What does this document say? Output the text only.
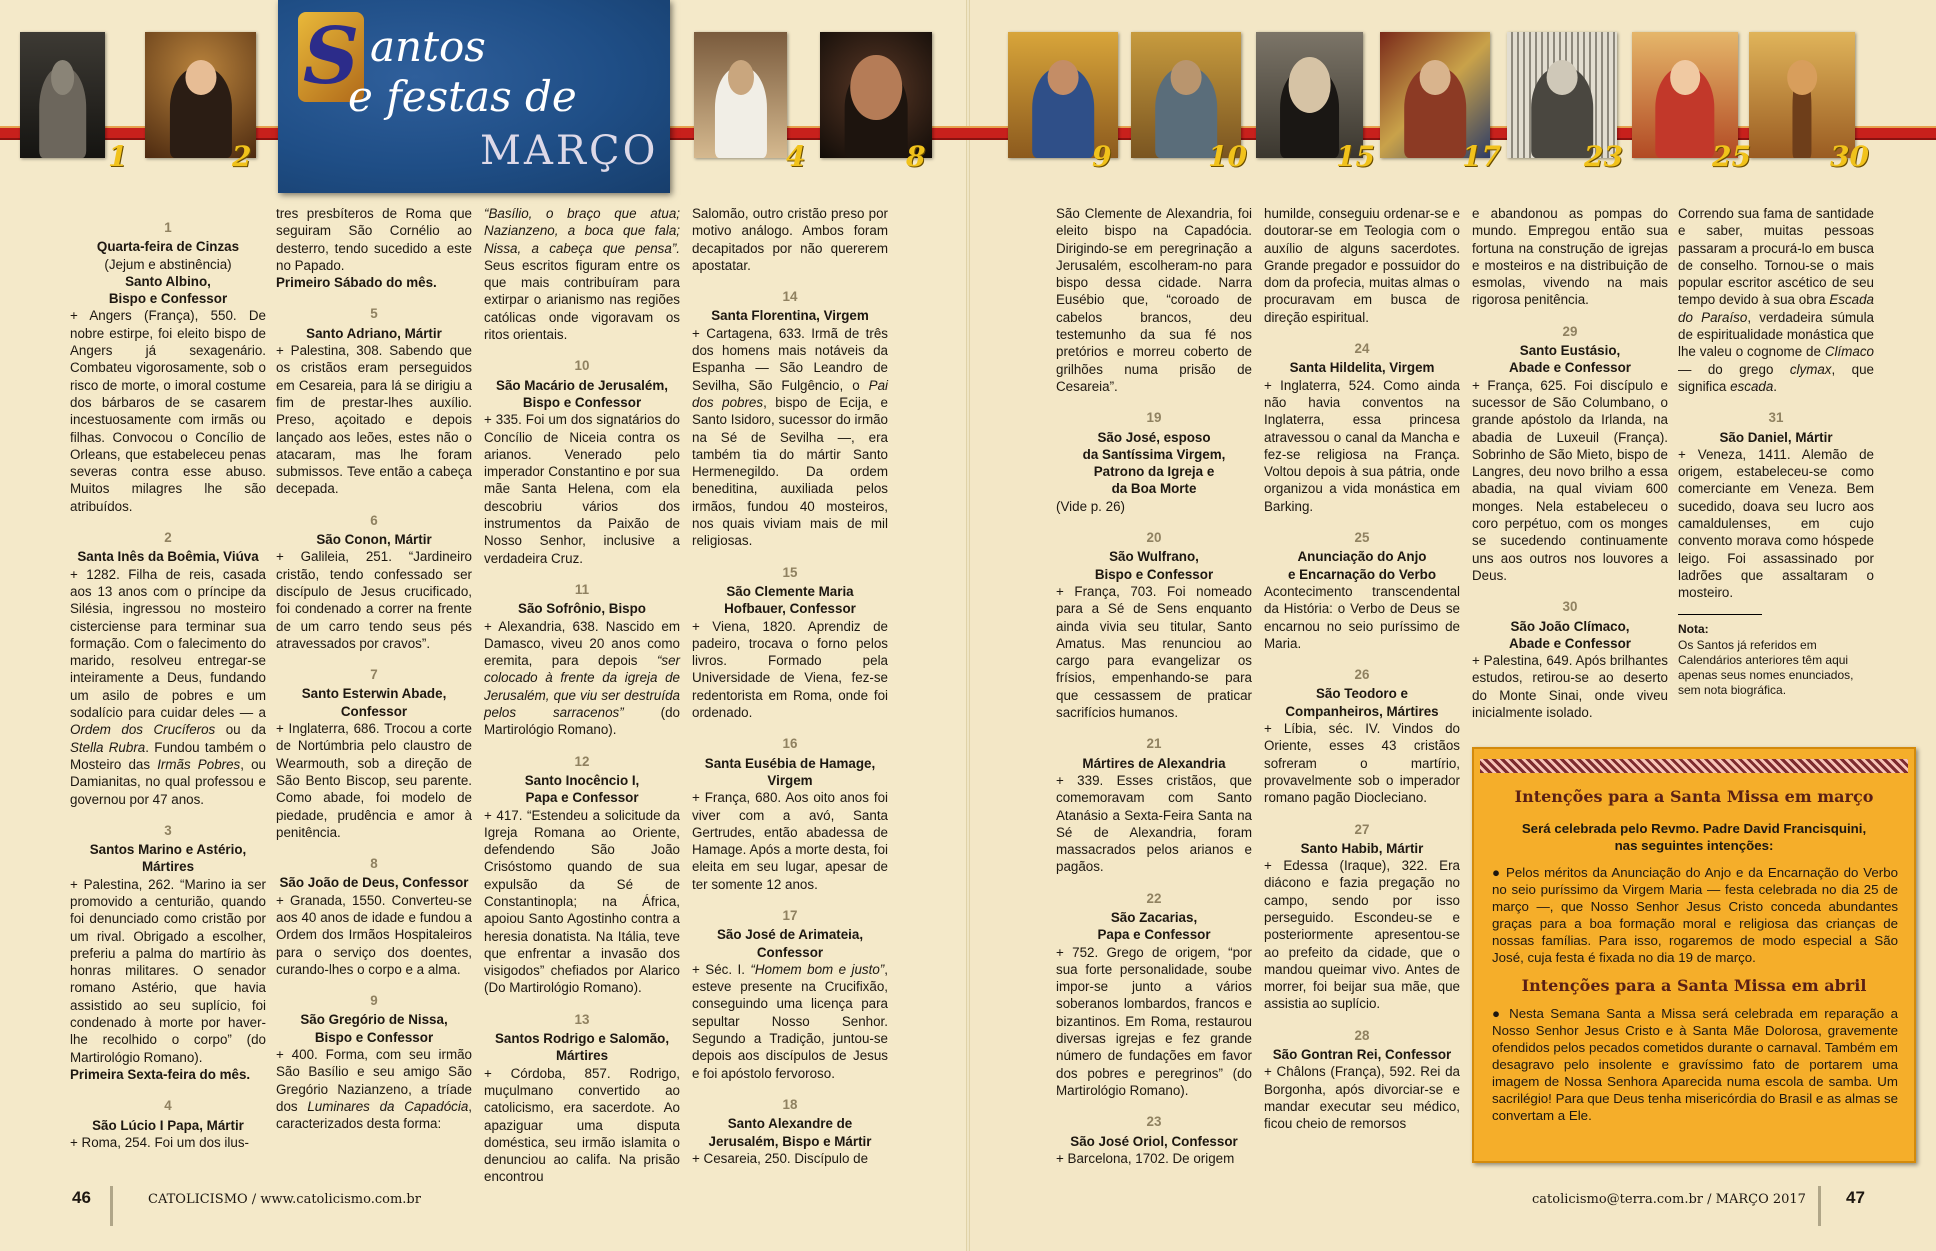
1	2	4	8	9	10	15	17	23	25	30
S antos
e festas de
MARÇO
1
Quarta-feira de Cinzas
(Jejum e abstinência)
Santo Albino,
Bispo e Confessor

+ Angers (França), 550. De nobre estirpe, foi eleito bispo de Angers já sexagenário. Combateu vigorosamente, sob o risco de morte, o imoral costume dos bárbaros de se casarem incestuosamente com irmãs ou filhas. Convocou o Concílio de Orleans, que estabeleceu penas severas contra esse abuso. Muitos milagres lhe são atribuídos.

2
Santa Inês da Boêmia, Viúva

+ 1282. Filha de reis, casada aos 13 anos com o príncipe da Silésia, ingressou no mosteiro cisterciense para terminar sua formação. Com o falecimento do marido, resolveu entregar-se inteiramente a Deus, fundando um asilo de pobres e um sodalício para cuidar deles — a Ordem dos Crucíferos ou da Stella Rubra. Fundou também o Mosteiro das Irmãs Pobres, ou Damianitas, no qual professou e governou por 47 anos.

3
Santos Marino e Astério,
Mártires

+ Palestina, 262. “Marino ia ser promovido a centurião, quando foi denunciado como cristão por um rival. Obrigado a escolher, preferiu a palma do martírio às honras militares. O senador romano Astério, que havia assistido ao seu suplício, foi condenado à morte por haver-lhe recolhido o corpo” (do Martirológio Romano).

Primeira Sexta-feira do mês.

4
São Lúcio I Papa, Mártir

+ Roma, 254. Foi um dos ilus-

tres presbíteros de Roma que seguiram São Cornélio ao desterro, tendo sucedido a este no Papado.

Primeiro Sábado do mês.

5
Santo Adriano, Mártir

+ Palestina, 308. Sabendo que os cristãos eram perseguidos em Cesareia, para lá se dirigiu a fim de prestar-lhes auxílio. Preso, açoitado e depois lançado aos leões, estes não o atacaram, mas lhe foram submissos. Teve então a cabeça decepada.

6
São Conon, Mártir

+ Galileia, 251. “Jardineiro cristão, tendo confessado ser discípulo de Jesus crucificado, foi condenado a correr na frente de um carro tendo seus pés atravessados por cravos”.

7
Santo Esterwin Abade,
Confessor

+ Inglaterra, 686. Trocou a corte de Nortúmbria pelo claustro de Wearmouth, sob a direção de São Bento Biscop, seu parente. Como abade, foi modelo de piedade, prudência e amor à penitência.

8
São João de Deus, Confessor

+ Granada, 1550. Converteu-se aos 40 anos de idade e fundou a Ordem dos Irmãos Hospitaleiros para o serviço dos doentes, curando-lhes o corpo e a alma.

9
São Gregório de Nissa,
Bispo e Confessor

+ 400. Forma, com seu irmão São Basílio e seu amigo São Gregório Nazianzeno, a tríade dos Luminares da Capadócia, caracterizados desta forma:

“Basílio, o braço que atua; Nazianzeno, a boca que fala; Nissa, a cabeça que pensa”. Seus escritos figuram entre os que mais contribuíram para extirpar o arianismo nas regiões católicas onde vigoravam os ritos orientais.

10
São Macário de Jerusalém,
Bispo e Confessor

+ 335. Foi um dos signatários do Concílio de Niceia contra os arianos. Venerado pelo imperador Constantino e por sua mãe Santa Helena, com ela descobriu vários dos instrumentos da Paixão de Nosso Senhor, inclusive a verdadeira Cruz.

11
São Sofrônio, Bispo

+ Alexandria, 638. Nascido em Damasco, viveu 20 anos como eremita, para depois “ser colocado à frente da igreja de Jerusalém, que viu ser destruída pelos sarracenos” (do Martirológio Romano).

12
Santo Inocêncio I,
Papa e Confessor

+ 417. “Estendeu a solicitude da Igreja Romana ao Oriente, defendendo São João Crisóstomo quando de sua expulsão da Sé de Constantinopla; na África, apoiou Santo Agostinho contra a heresia donatista. Na Itália, teve que enfrentar a invasão dos visigodos” chefiados por Alarico (Do Martirológio Romano).

13
Santos Rodrigo e Salomão,
Mártires

+ Córdoba, 857. Rodrigo, muçulmano convertido ao catolicismo, era sacerdote. Ao apaziguar uma disputa doméstica, seu irmão islamita o denunciou ao califa. Na prisão encontrou

Salomão, outro cristão preso por motivo análogo. Ambos foram decapitados por não quererem apostatar.

14
Santa Florentina, Virgem

+ Cartagena, 633. Irmã de três dos homens mais notáveis da Espanha — São Leandro de Sevilha, São Fulgêncio, o Pai dos pobres, bispo de Ecija, e Santo Isidoro, sucessor do irmão na Sé de Sevilha —, era também tia do mártir Santo Hermenegildo. Da ordem beneditina, auxiliada pelos irmãos, fundou 40 mosteiros, nos quais viviam mais de mil religiosas.

15
São Clemente Maria
Hofbauer, Confessor

+ Viena, 1820. Aprendiz de padeiro, trocava o forno pelos livros. Formado pela Universidade de Viena, fez-se redentorista em Roma, onde foi ordenado.

16
Santa Eusébia de Hamage,
Virgem

+ França, 680. Aos oito anos foi viver com a avó, Santa Gertrudes, então abadessa de Hamage. Após a morte desta, foi eleita em seu lugar, apesar de ter somente 12 anos.

17
São José de Arimateia,
Confessor

+ Séc. I. “Homem bom e justo”, esteve presente na Crucifixão, conseguindo uma licença para sepultar Nosso Senhor. Segundo a Tradição, juntou-se depois aos discípulos de Jesus e foi apóstolo fervoroso.

18
Santo Alexandre de Jerusalém, Bispo e Mártir

+ Cesareia, 250. Discípulo de

São Clemente de Alexandria, foi eleito bispo na Capadócia. Dirigindo-se em peregrinação a Jerusalém, escolheram-no para bispo dessa cidade. Narra Eusébio que, “coroado de cabelos brancos, deu testemunho da sua fé nos pretórios e morreu coberto de grilhões numa prisão de Cesareia”.

19
São José, esposo
da Santíssima Virgem,
Patrono da Igreja e
da Boa Morte

(Vide p. 26)

20
São Wulfrano,
Bispo e Confessor

+ França, 703. Foi nomeado para a Sé de Sens enquanto ainda vivia seu titular, Santo Amatus. Mas renunciou ao cargo para evangelizar os frísios, empenhando-se para que cessassem de praticar sacrifícios humanos.

21
Mártires de Alexandria

+ 339. Esses cristãos, que comemoravam com Santo Atanásio a Sexta-Feira Santa na Sé de Alexandria, foram massacrados pelos arianos e pagãos.

22
São Zacarias,
Papa e Confessor

+ 752. Grego de origem, “por sua forte personalidade, soube impor-se junto a vários soberanos lombardos, francos e bizantinos. Em Roma, restaurou diversas igrejas e fez grande número de fundações em favor dos pobres e peregrinos” (do Martirológio Romano).

23
São José Oriol, Confessor

+ Barcelona, 1702. De origem

humilde, conseguiu ordenar-se e doutorar-se em Teologia com o auxílio de alguns sacerdotes. Grande pregador e possuidor do dom da profecia, muitas almas o procuravam em busca de direção espiritual.

24
Santa Hildelita, Virgem

+ Inglaterra, 524. Como ainda não havia conventos na Inglaterra, essa princesa atravessou o canal da Mancha e fez-se religiosa na França. Voltou depois à sua pátria, onde organizou a vida monástica em Barking.

25
Anunciação do Anjo
e Encarnação do Verbo

Acontecimento transcendental da História: o Verbo de Deus se encarnou no seio puríssimo de Maria.

26
São Teodoro e
Companheiros, Mártires

+ Líbia, séc. IV. Vindos do Oriente, esses 43 cristãos sofreram o martírio, provavelmente sob o imperador romano pagão Diocleciano.

27
Santo Habib, Mártir

+ Edessa (Iraque), 322. Era diácono e fazia pregação no campo, sendo por isso perseguido. Escondeu-se e posteriormente apresentou-se ao prefeito da cidade, que o mandou queimar vivo. Antes de morrer, foi beijar sua mãe, que assistia ao suplício.

28
São Gontran Rei, Confessor

+ Châlons (França), 592. Rei da Borgonha, após divorciar-se e mandar executar seu médico, ficou cheio de remorsos

e abandonou as pompas do mundo. Empregou então sua fortuna na construção de igrejas e mosteiros e na distribuição de esmolas, vivendo na mais rigorosa penitência.

29
Santo Eustásio,
Abade e Confessor

+ França, 625. Foi discípulo e sucessor de São Columbano, o grande apóstolo da Irlanda, na abadia de Luxeuil (França). Sobrinho de São Mieto, bispo de Langres, deu novo brilho a essa abadia, na qual viviam 600 monges. Nela estabeleceu o coro perpétuo, com os monges se sucedendo continuamente uns aos outros nos louvores a Deus.

30
São João Clímaco,
Abade e Confessor

+ Palestina, 649. Após brilhantes estudos, retirou-se ao deserto do Monte Sinai, onde viveu inicialmente isolado.

Correndo sua fama de santidade e saber, muitas pessoas passaram a procurá-lo em busca de conselho. Tornou-se o mais popular escritor ascético de seu tempo devido à sua obra Escada do Paraíso, verdadeira súmula de espiritualidade monástica que lhe valeu o cognome de Clímaco — do grego clymax, que significa escada.

31
São Daniel, Mártir

+ Veneza, 1411. Alemão de origem, estabeleceu-se como comerciante em Veneza. Bem sucedido, doava seu lucro aos camaldulenses, em cujo convento morava como hóspede leigo. Foi assassinado por ladrões que assaltaram o mosteiro.

Nota:
Os Santos já referidos em Calendários anteriores têm aqui apenas seus nomes enunciados, sem nota biográfica.
Intenções para a Santa Missa em março
Será celebrada pelo Revmo. Padre David Francisquini,
nas seguintes intenções:

● Pelos méritos da Anunciação do Anjo e da Encarnação do Verbo no seio puríssimo da Virgem Maria — festa celebrada no dia 25 de março —, que Nosso Senhor Jesus Cristo conceda abundantes graças para a boa formação moral e religiosa das crianças de nossas famílias. Para isso, rogaremos de modo especial a São José, cuja festa é fixada no dia 19 de março.

Intenções para a Santa Missa em abril

● Nesta Semana Santa a Missa será celebrada em reparação a Nosso Senhor Jesus Cristo e à Santa Mãe Dolorosa, gravemente ofendidos pelos pecados cometidos durante o carnaval. Também em desagravo pelo insolente e gravíssimo fato de portarem uma imagem de Nossa Senhora Aparecida numa escola de samba. Um sacrilégio! Para que Deus tenha misericórdia do Brasil e as almas se convertam a Ele.

46	CATOLICISMO / www.catolicismo.com.br	catolicismo@terra.com.br / MARÇO 2017 47
